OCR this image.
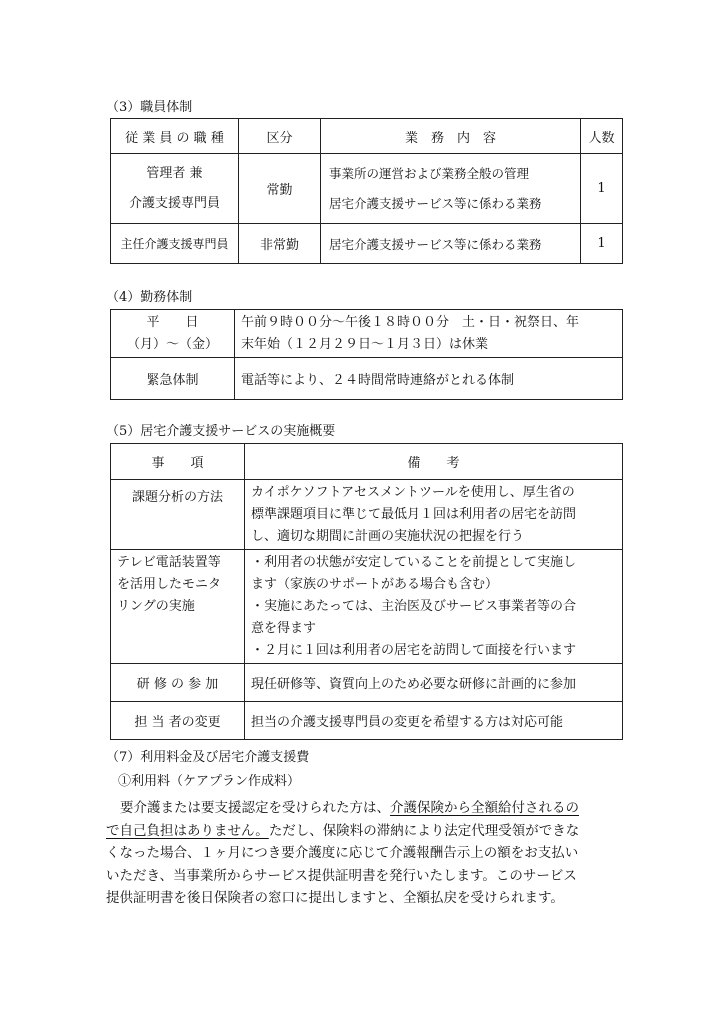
（3）職員体制
従 業 員 の 職 種	区分	業　務　内　容	人数

管理者 兼
介護支援専門員	常勤	事業所の運営および業務全般の管理
居宅介護支援サービス等に係わる業務	1
主任介護支援専門員	非常勤	居宅介護支援サービス等に係わる業務	1
（4）勤務体制
平　　日
（月）～（金）	午前９時００分～午後１８時００分　土・日・祝祭日、年
末年始（１２月２９日～１月３日）は休業

緊急体制	電話等により、２４時間常時連絡がとれる体制
（5）居宅介護支援サービスの実施概要
事　　項	備　　考
課題分析の方法	カイポケソフトアセスメントツールを使用し、厚生省の
標準課題項目に準じて最低月１回は利用者の居宅を訪問
し、適切な期間に計画の実施状況の把握を行う

テレビ電話装置等
を活用したモニタ
リングの実施	・利用者の状態が安定していることを前提として実施し
ます（家族のサポートがある場合も含む）
・実施にあたっては、主治医及びサービス事業者等の合
意を得ます
・２月に１回は利用者の居宅を訪問して面接を行います

研 修 の 参 加	現任研修等、資質向上のため必要な研修に計画的に参加
担 当 者の変更	担当の介護支援専門員の変更を希望する方は対応可能
（7）利用料金及び居宅介護支援費
①利用料（ケアプラン作成料）
要介護または要支援認定を受けられた方は、介護保険から全額給付されるの
で自己負担はありません。ただし、保険料の滞納により法定代理受領ができな
くなった場合、１ヶ月につき要介護度に応じて介護報酬告示上の額をお支払い
いただき、当事業所からサービス提供証明書を発行いたします。このサービス
提供証明書を後日保険者の窓口に提出しますと、全額払戻を受けられます。
